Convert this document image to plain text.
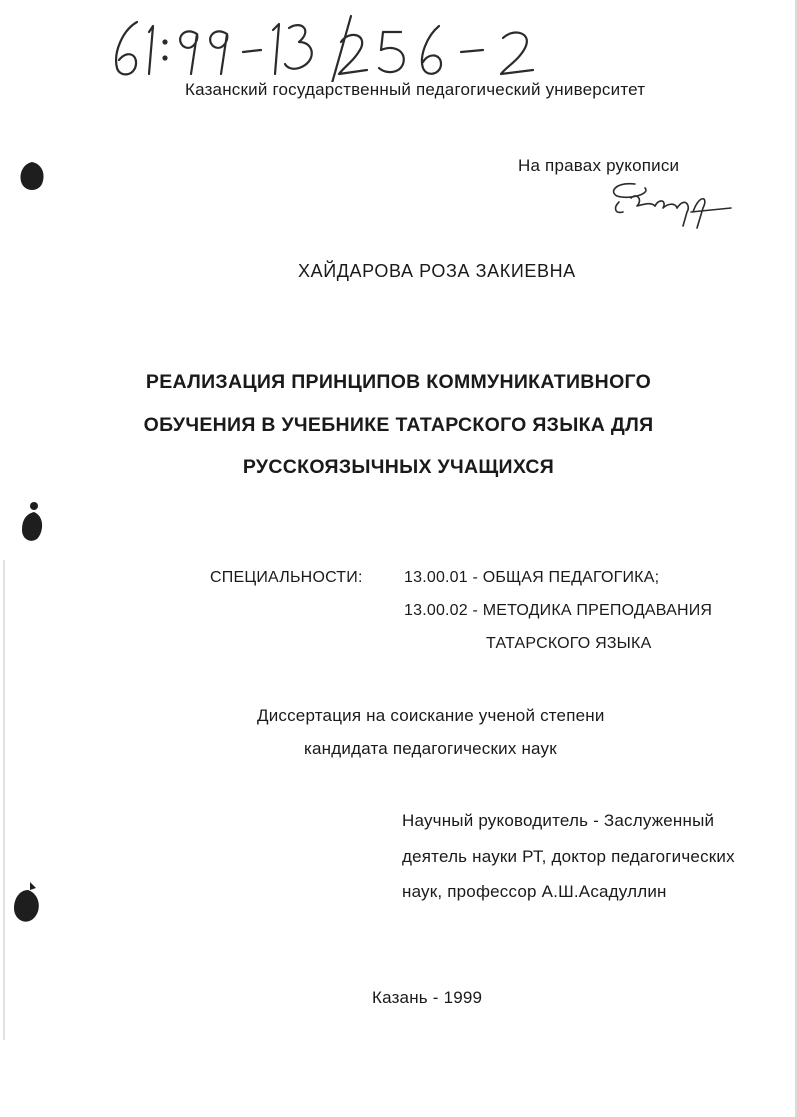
Казанский государственный педагогический университет
На правах рукописи
ХАЙДАРОВА РОЗА ЗАКИЕВНА
РЕАЛИЗАЦИЯ ПРИНЦИПОВ КОММУНИКАТИВНОГО
ОБУЧЕНИЯ В УЧЕБНИКЕ ТАТАРСКОГО ЯЗЫКА ДЛЯ
РУССКОЯЗЫЧНЫХ УЧАЩИХСЯ
СПЕЦИАЛЬНОСТИ:	13.00.01 - ОБЩАЯ ПЕДАГОГИКА;
13.00.02 - МЕТОДИКА ПРЕПОДАВАНИЯ
ТАТАРСКОГО ЯЗЫКА
Диссертация на соискание ученой степени
кандидата педагогических наук
Научный руководитель - Заслуженный
деятель науки РТ, доктор педагогических
наук, профессор А.Ш.Асадуллин
Казань - 1999
